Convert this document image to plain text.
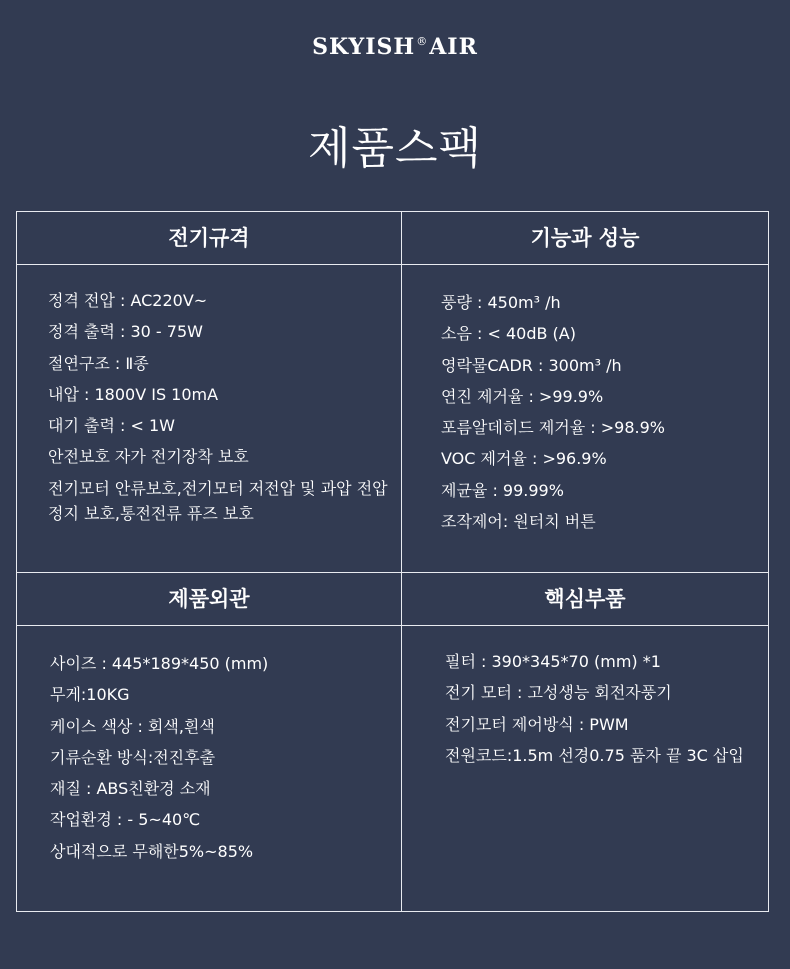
SKYISH®AIR
제품스팩
전기규격
정격 전압 : AC220V~
정격 출력 : 30 - 75W
절연구조 : Ⅱ종
내압 : 1800V IS 10mA
대기 출력 : < 1W
안전보호 자가 전기장착 보호
전기모터 안류보호,전기모터 저전압 및 과압 전압 정지 보호,통전전류 퓨즈 보호
기능과 성능
풍량 : 450m³ /h
소음 : < 40dB (A)
영락물CADR : 300m³ /h
연진 제거율 : >99.9%
포름알데히드 제거율 : >98.9%
VOC 제거율 : >96.9%
제균율 : 99.99%
조작제어: 원터치 버튼
제품외관
사이즈 : 445*189*450 (mm)
무게:10KG
케이스 색상 : 회색,흰색
기류순환 방식:전진후출
재질 : ABS친환경 소재
작업환경 : - 5~40℃
상대적으로 무해한5%~85%
핵심부품
필터 : 390*345*70 (mm) *1
전기 모터 : 고성생능 회전자풍기
전기모터 제어방식 : PWM
전원코드:1.5m 선경0.75 품자 끝 3C 삽입
